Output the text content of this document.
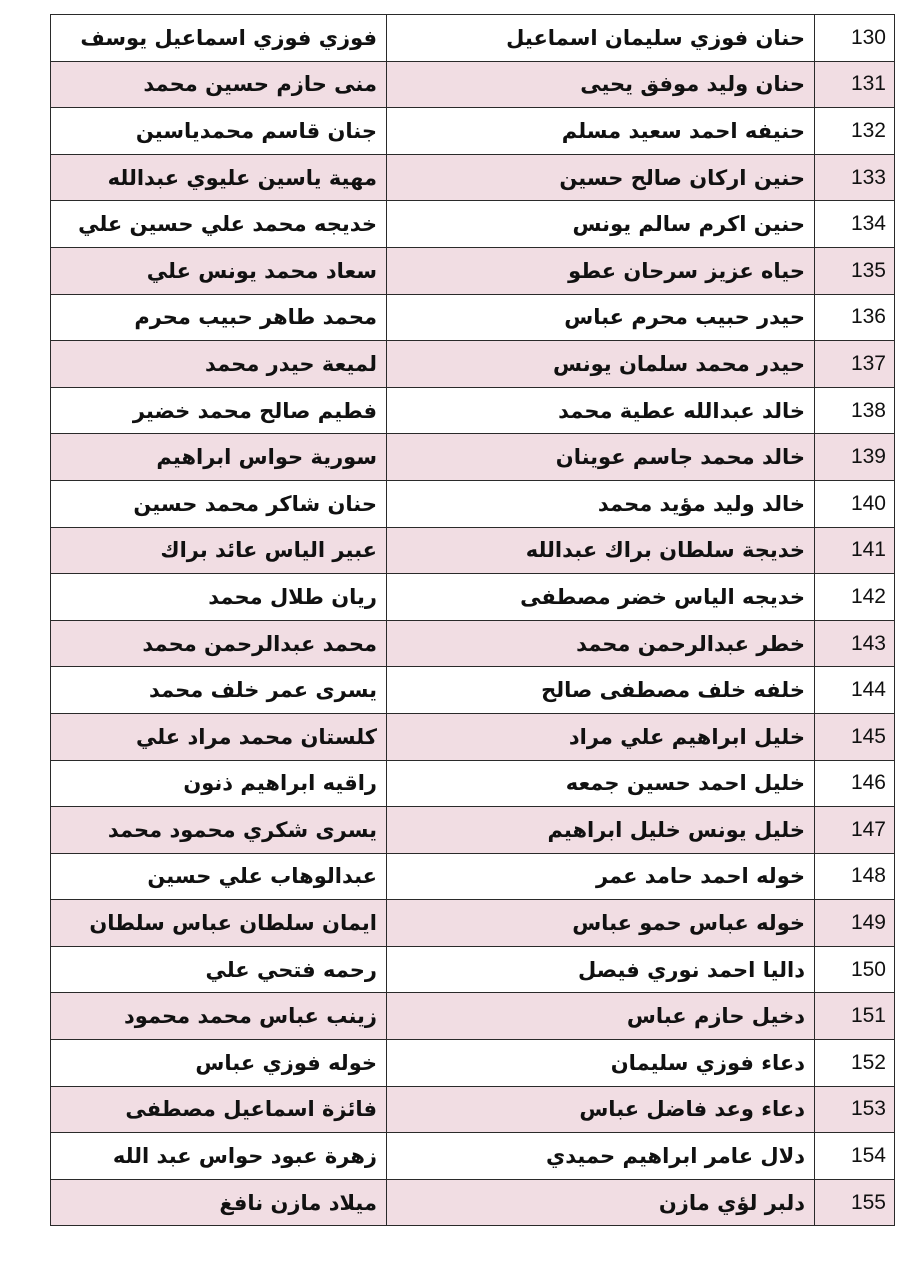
فوزي فوزي اسماعيل يوسف	حنان فوزي سليمان اسماعيل	130
منى حازم حسين محمد	حنان وليد موفق يحيى	131
جنان قاسم محمدياسين	حنيفه احمد سعيد مسلم	132
مهية ياسين عليوي عبدالله	حنين اركان صالح حسين	133
خديجه محمد علي حسين علي	حنين اكرم سالم يونس	134
سعاد محمد يونس علي	حياه عزيز سرحان عطو	135
محمد طاهر حبيب محرم	حيدر حبيب محرم عباس	136
لميعة حيدر محمد	حيدر محمد سلمان يونس	137
فطيم صالح محمد خضير	خالد عبدالله عطية محمد	138
سورية حواس ابراهيم	خالد محمد جاسم عوينان	139
حنان شاكر محمد حسين	خالد وليد مؤيد محمد	140
عبير الياس عائد براك	خديجة سلطان براك عبدالله	141
ريان طلال محمد	خديجه الياس خضر مصطفى	142
محمد عبدالرحمن محمد	خطر عبدالرحمن محمد	143
يسرى عمر خلف محمد	خلفه خلف مصطفى صالح	144
كلستان محمد مراد علي	خليل ابراهيم علي مراد	145
راقيه ابراهيم ذنون	خليل احمد حسين جمعه	146
يسرى شكري محمود محمد	خليل يونس خليل ابراهيم	147
عبدالوهاب علي حسين	خوله احمد حامد عمر	148
ايمان سلطان عباس سلطان	خوله عباس حمو عباس	149
رحمه فتحي علي	داليا احمد نوري فيصل	150
زينب عباس محمد محمود	دخيل حازم عباس	151
خوله فوزي عباس	دعاء فوزي سليمان	152
فائزة اسماعيل مصطفى	دعاء وعد فاضل عباس	153
زهرة عبود حواس عبد الله	دلال عامر ابراهيم حميدي	154
ميلاد مازن نافغ	دلبر لؤي مازن	155
